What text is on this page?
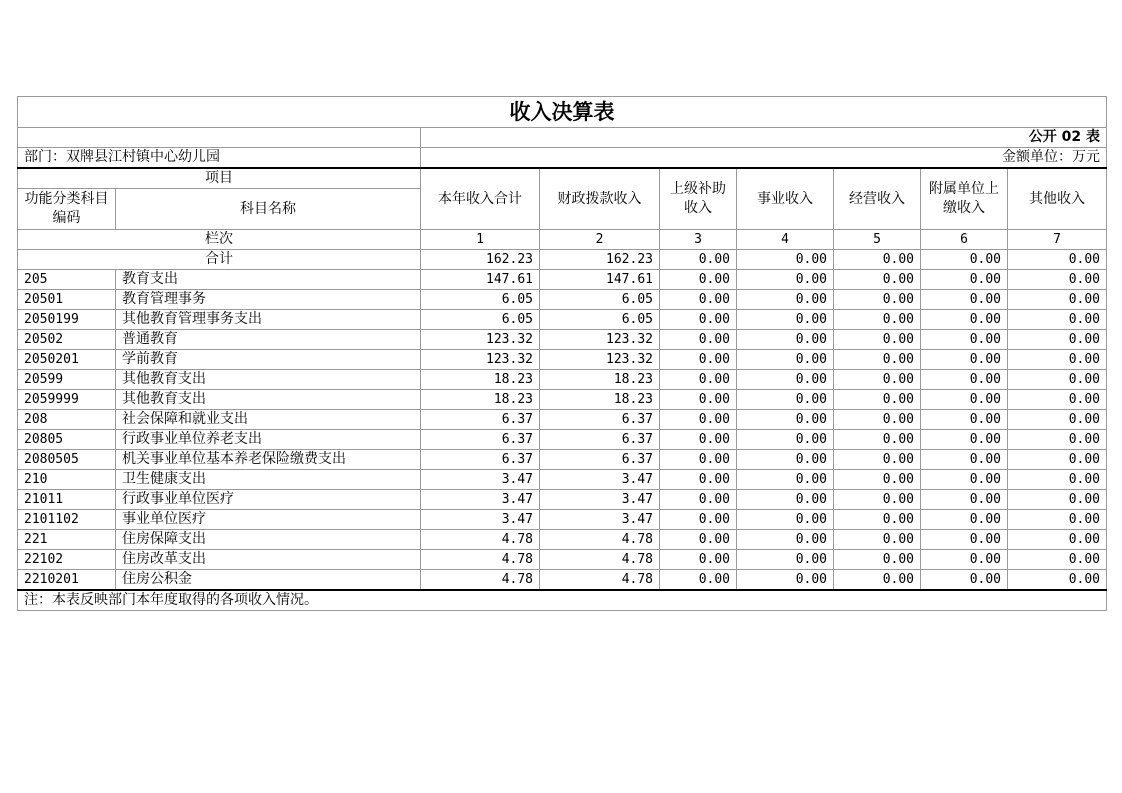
收入决算表								
		公开 02 表						
部门：双牌县江村镇中心幼儿园		金额单位：万元						
项目		本年收入合计	财政拨款收入	上级补助收入	事业收入	经营收入	附属单位上缴收入	其他收入
功能分类科目编码	科目名称							
栏次		1	2	3	4	5	6	7
合计		162.23	162.23	0.00	0.00	0.00	0.00	0.00
205	教育支出	147.61	147.61	0.00	0.00	0.00	0.00	0.00
20501	教育管理事务	6.05	6.05	0.00	0.00	0.00	0.00	0.00
2050199	其他教育管理事务支出	6.05	6.05	0.00	0.00	0.00	0.00	0.00
20502	普通教育	123.32	123.32	0.00	0.00	0.00	0.00	0.00
2050201	学前教育	123.32	123.32	0.00	0.00	0.00	0.00	0.00
20599	其他教育支出	18.23	18.23	0.00	0.00	0.00	0.00	0.00
2059999	其他教育支出	18.23	18.23	0.00	0.00	0.00	0.00	0.00
208	社会保障和就业支出	6.37	6.37	0.00	0.00	0.00	0.00	0.00
20805	行政事业单位养老支出	6.37	6.37	0.00	0.00	0.00	0.00	0.00
2080505	机关事业单位基本养老保险缴费支出	6.37	6.37	0.00	0.00	0.00	0.00	0.00
210	卫生健康支出	3.47	3.47	0.00	0.00	0.00	0.00	0.00
21011	行政事业单位医疗	3.47	3.47	0.00	0.00	0.00	0.00	0.00
2101102	事业单位医疗	3.47	3.47	0.00	0.00	0.00	0.00	0.00
221	住房保障支出	4.78	4.78	0.00	0.00	0.00	0.00	0.00
22102	住房改革支出	4.78	4.78	0.00	0.00	0.00	0.00	0.00
2210201	住房公积金	4.78	4.78	0.00	0.00	0.00	0.00	0.00
注：本表反映部门本年度取得的各项收入情况。								
